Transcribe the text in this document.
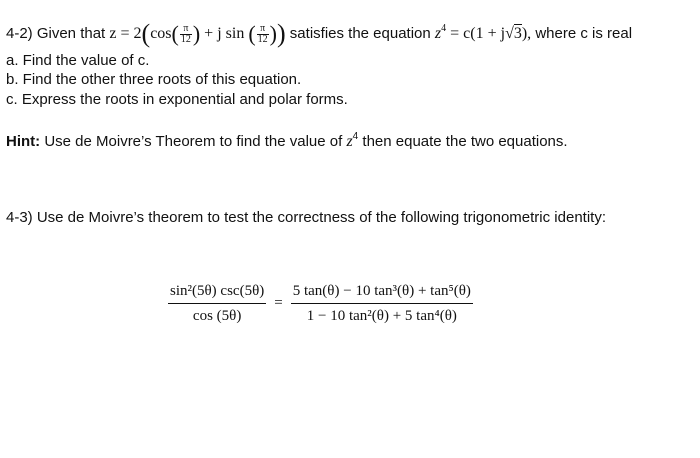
4-2) Given that $z = 2(\cos( \frac{\pi}{12}$ ) + j sin ( $\frac{\pi}{12}$ )) satisfies the equation $z^4 = c(1 + j√3)$, where c is real
a. Find the value of c.
b. Find the other three roots of this equation.
c. Express the roots in exponential and polar forms.
Hint: Use de Moivre’s Theorem to find the value of $z^4$ then equate the two equations.
4-3) Use de Moivre’s theorem to test the correctness of the following trigonometric identity:
sin²(5θ) csc(5θ)
cos (5θ)
= $\frac{\text{5 tan(θ) − 10 tan³(θ) + tan⁵(θ)}}{\text{1 − 10 tan²(θ) + 5 tan⁴(θ)}}$
